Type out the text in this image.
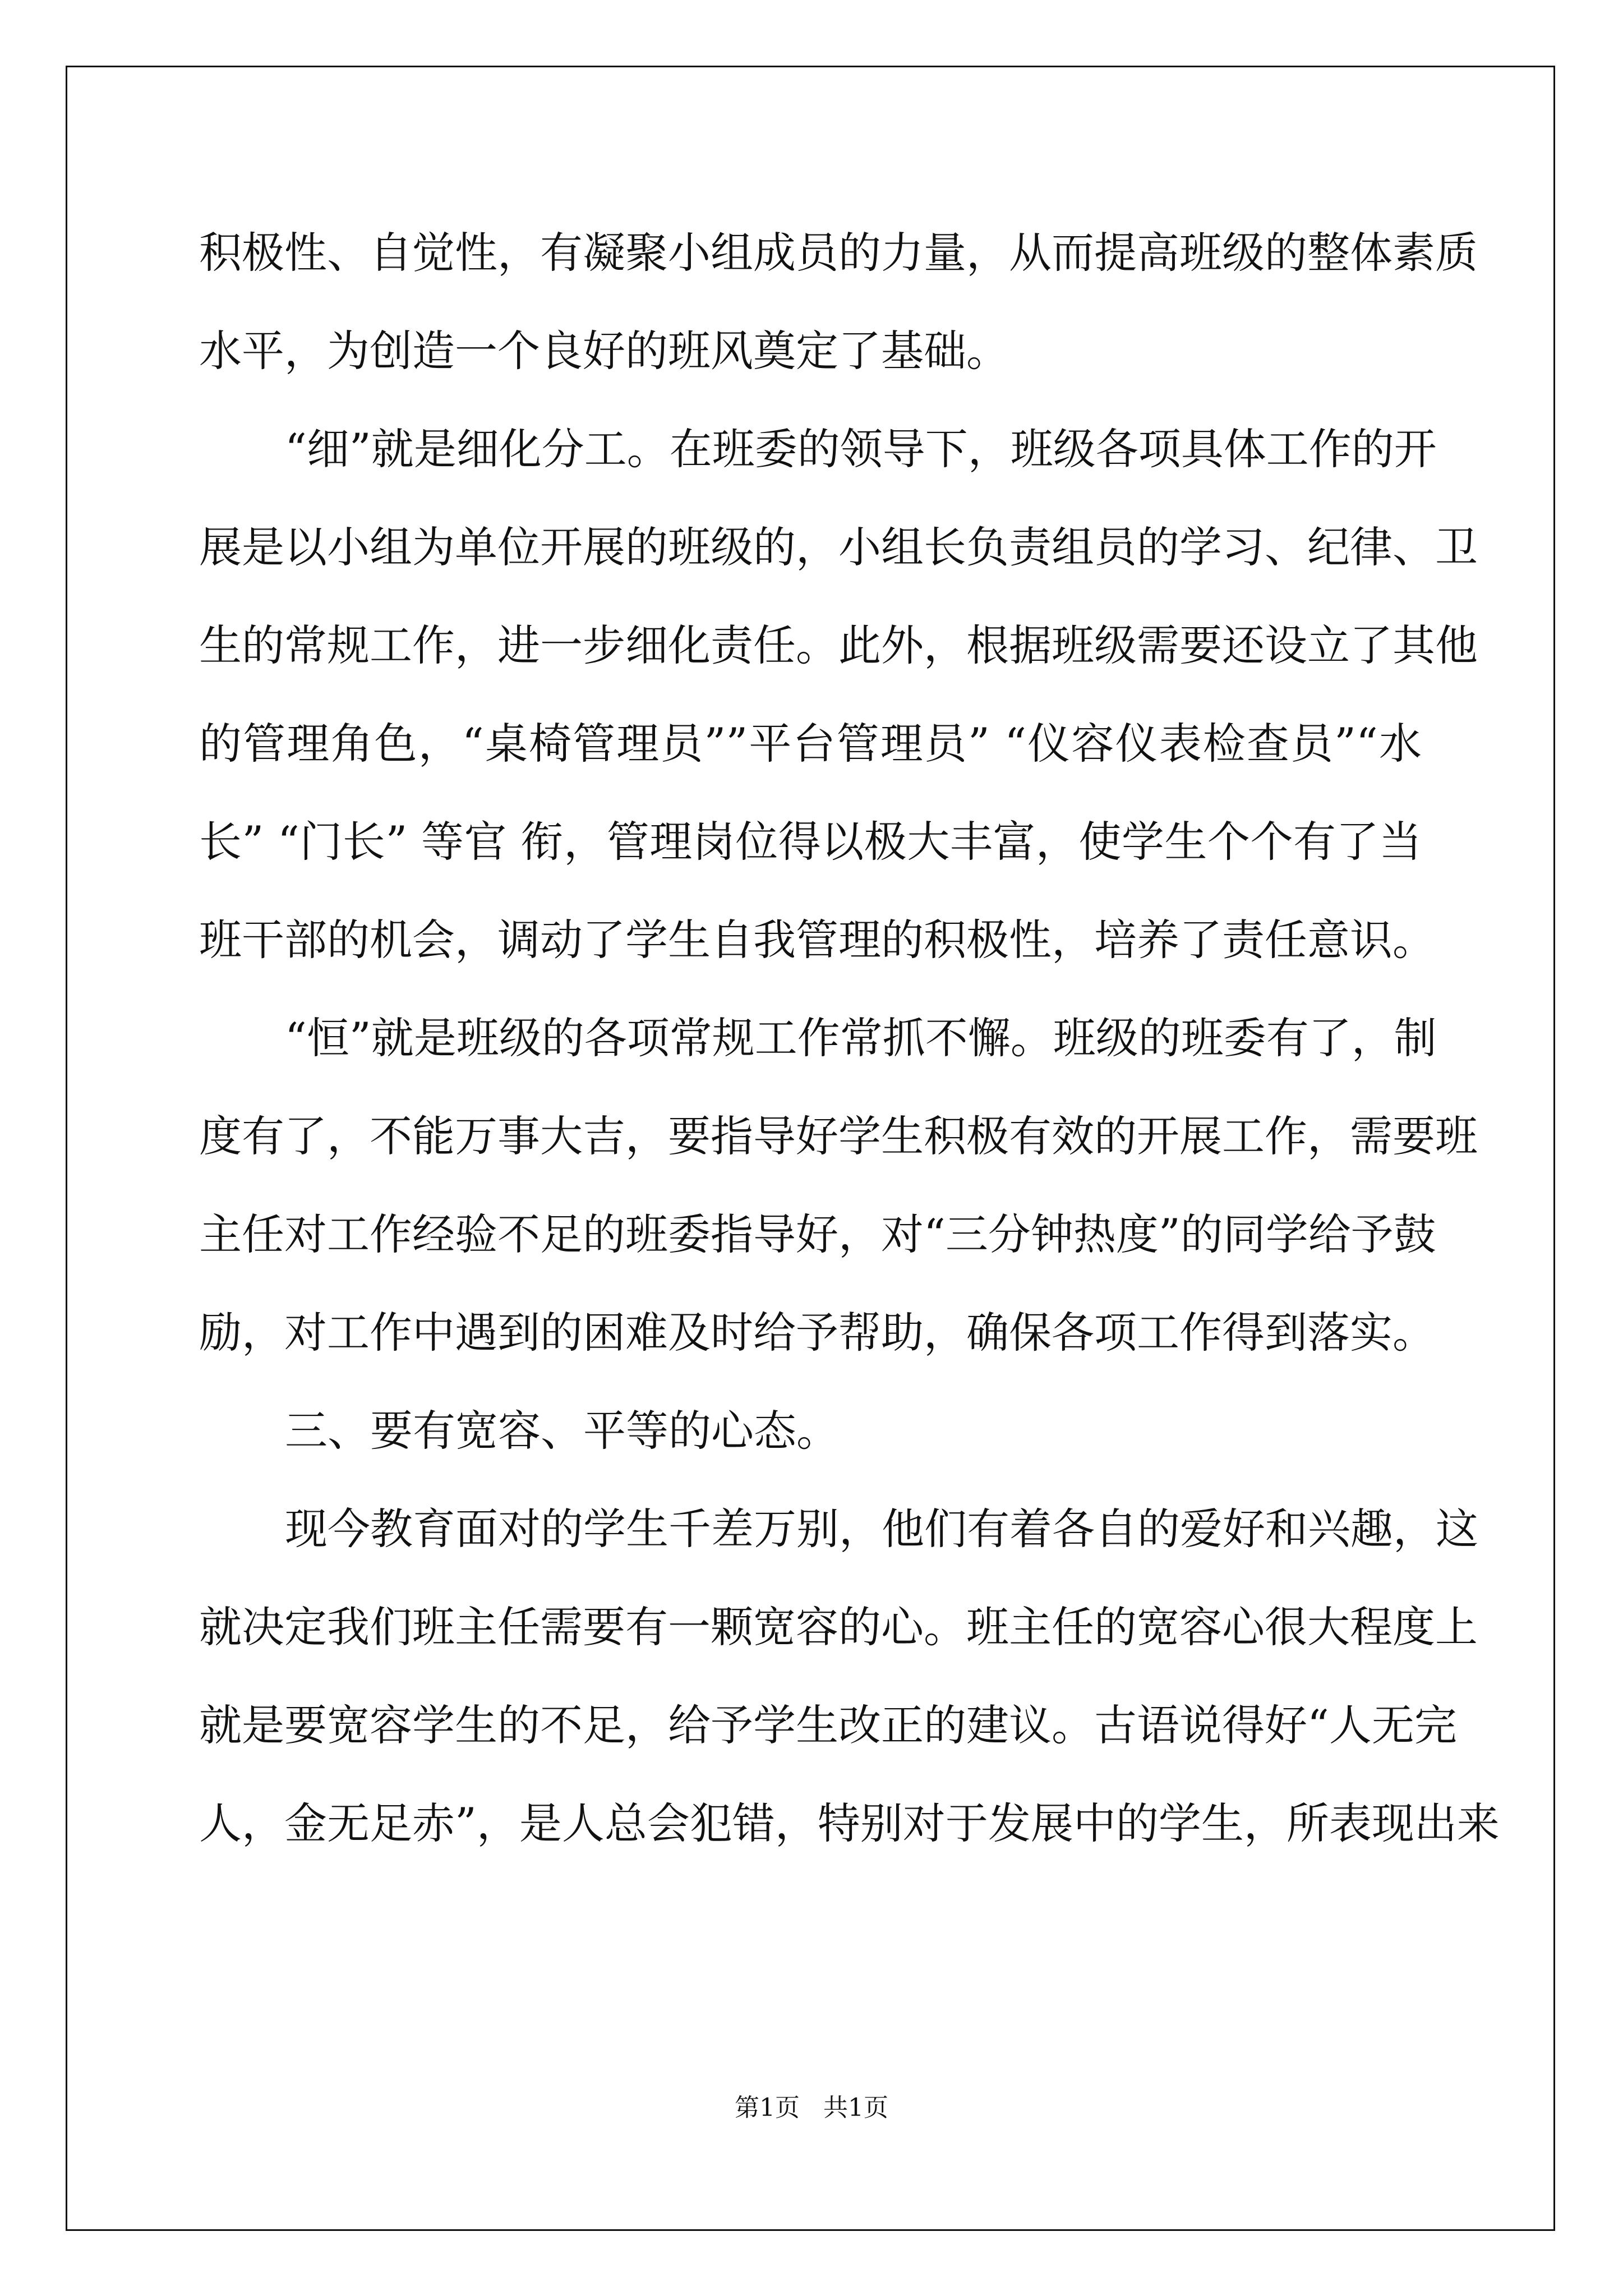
积极性、自觉性，有凝聚小组成员的力量，从而提高班级的整体素质
水平，为创造一个良好的班风奠定了基础。
“细”就是细化分工。在班委的领导下，班级各项具体工作的开
展是以小组为单位开展的班级的，小组长负责组员的学习、纪律、卫
生的常规工作，进一步细化责任。此外，根据班级需要还设立了其他
的管理角色，“桌椅管理员””平台管理员” “仪容仪表检查员”“水
长” “门长” 等官 衔，管理岗位得以极大丰富，使学生个个有了当
班干部的机会，调动了学生自我管理的积极性，培养了责任意识。
“恒”就是班级的各项常规工作常抓不懈。班级的班委有了，制
度有了，不能万事大吉，要指导好学生积极有效的开展工作，需要班
主任对工作经验不足的班委指导好，对“三分钟热度”的同学给予鼓
励，对工作中遇到的困难及时给予帮助，确保各项工作得到落实。
三、要有宽容、平等的心态。
现今教育面对的学生千差万别，他们有着各自的爱好和兴趣，这
就决定我们班主任需要有一颗宽容的心。班主任的宽容心很大程度上
就是要宽容学生的不足，给予学生改正的建议。古语说得好“人无完
人，金无足赤”，是人总会犯错，特别对于发展中的学生，所表现出来
第1页   共1页
